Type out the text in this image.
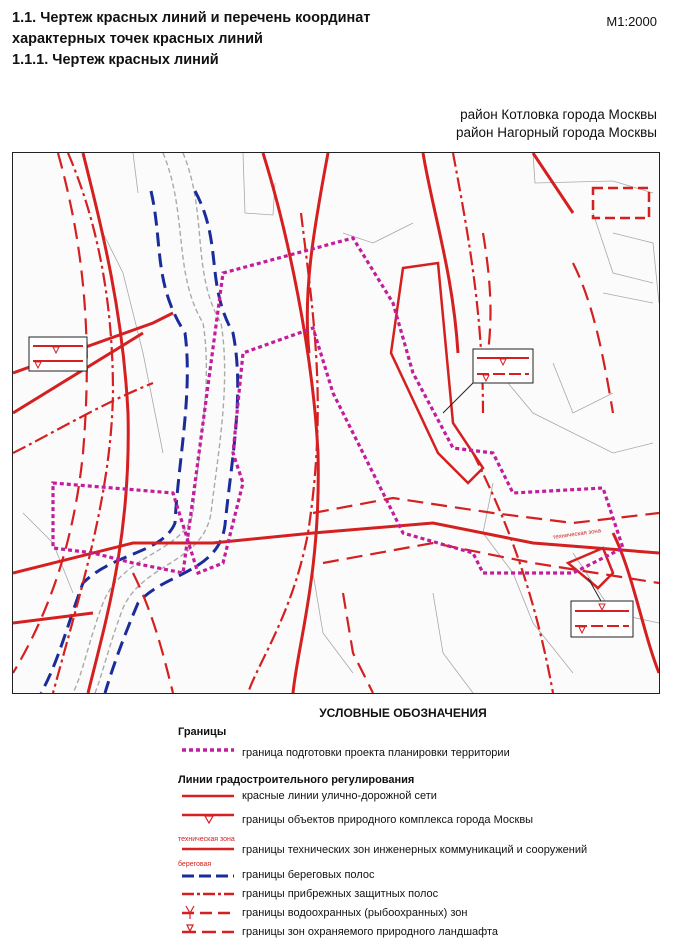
1.1. Чертеж красных линий и перечень координат
характерных точек красных линий
1.1.1. Чертеж красных линий
М1:2000
район Котловка города Москвы
район Нагорный города Москвы
техническая зона
УСЛОВНЫЕ ОБОЗНАЧЕНИЯ
Границы
граница подготовки проекта планировки территории
Линии градостроительного регулирования
красные линии улично-дорожной сети
границы объектов природного комплекса города Москвы
техническая зона
границы технических зон инженерных коммуникаций и сооружений
береговая
границы береговых полос
границы прибрежных защитных полос
границы водоохранных (рыбоохранных) зон
границы зон охраняемого природного ландшафта
